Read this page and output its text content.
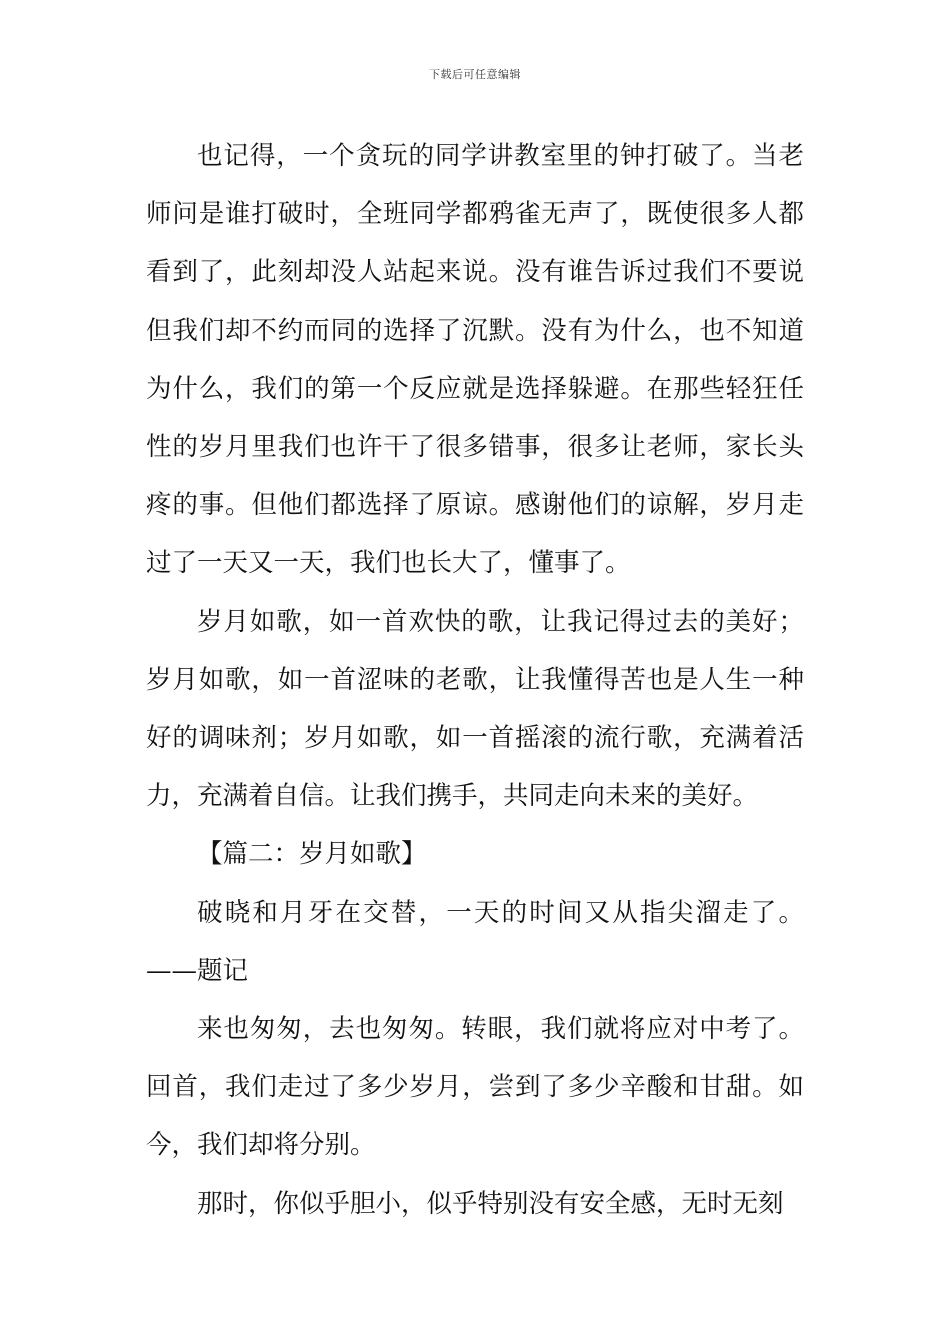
下载后可任意编辑

也记得，一个贪玩的同学讲教室里的钟打破了。当老师问是谁打破时，全班同学都鸦雀无声了，既使很多人都看到了，此刻却没人站起来说。没有谁告诉过我们不要说但我们却不约而同的选择了沉默。没有为什么，也不知道为什么，我们的第一个反应就是选择躲避。在那些轻狂任性的岁月里我们也许干了很多错事，很多让老师，家长头疼的事。但他们都选择了原谅。感谢他们的谅解，岁月走过了一天又一天，我们也长大了，懂事了。

岁月如歌，如一首欢快的歌，让我记得过去的美好；岁月如歌，如一首涩味的老歌，让我懂得苦也是人生一种好的调味剂；岁月如歌，如一首摇滚的流行歌，充满着活力，充满着自信。让我们携手，共同走向未来的美好。

【篇二：岁月如歌】

破晓和月牙在交替，一天的时间又从指尖溜走了。——题记

来也匆匆，去也匆匆。转眼，我们就将应对中考了。回首，我们走过了多少岁月，尝到了多少辛酸和甘甜。如今，我们却将分别。

那时，你似乎胆小，似乎特别没有安全感，无时无刻
